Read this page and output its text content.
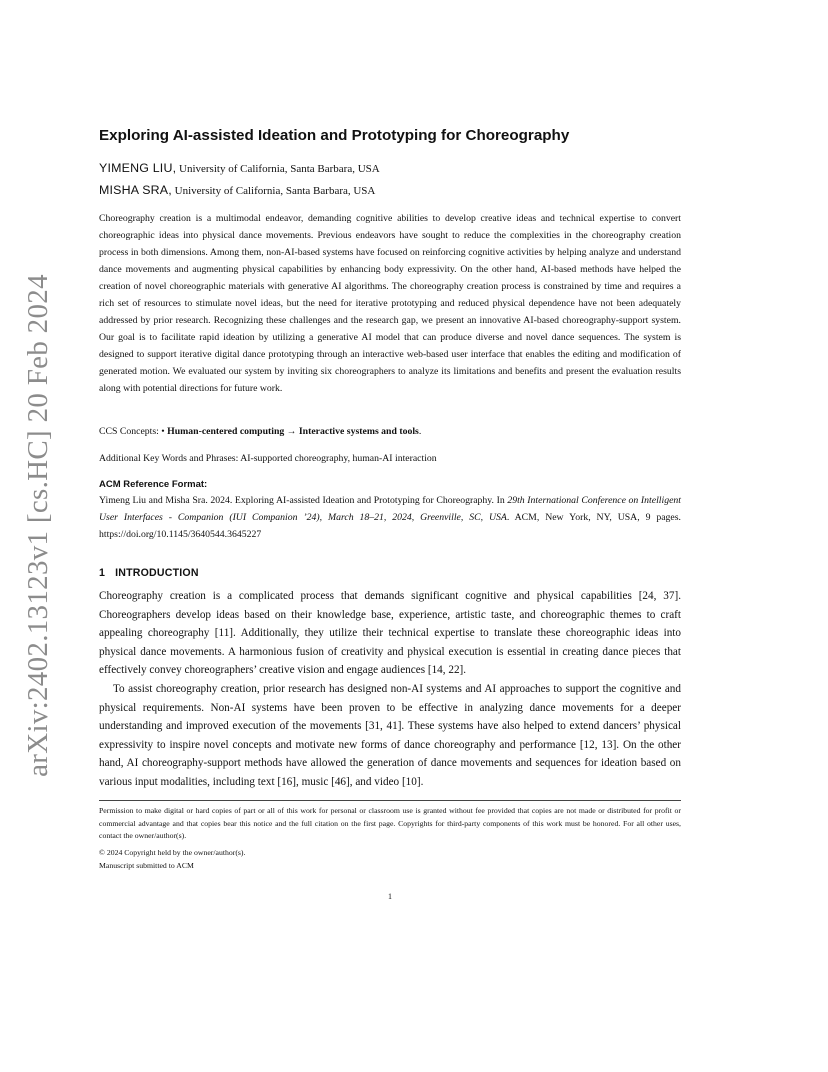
arXiv:2402.13123v1 [cs.HC] 20 Feb 2024
Exploring AI-assisted Ideation and Prototyping for Choreography
YIMENG LIU, University of California, Santa Barbara, USA
MISHA SRA, University of California, Santa Barbara, USA

Choreography creation is a multimodal endeavor, demanding cognitive abilities to develop creative ideas and technical expertise to convert choreographic ideas into physical dance movements. Previous endeavors have sought to reduce the complexities in the choreography creation process in both dimensions. Among them, non-AI-based systems have focused on reinforcing cognitive activities by helping analyze and understand dance movements and augmenting physical capabilities by enhancing body expressivity. On the other hand, AI-based methods have helped the creation of novel choreographic materials with generative AI algorithms. The choreography creation process is constrained by time and requires a rich set of resources to stimulate novel ideas, but the need for iterative prototyping and reduced physical dependence have not been adequately addressed by prior research. Recognizing these challenges and the research gap, we present an innovative AI-based choreography-support system. Our goal is to facilitate rapid ideation by utilizing a generative AI model that can produce diverse and novel dance sequences. The system is designed to support iterative digital dance prototyping through an interactive web-based user interface that enables the editing and modification of generated motion. We evaluated our system by inviting six choreographers to analyze its limitations and benefits and present the evaluation results along with potential directions for future work.

CCS Concepts: • Human-centered computing → Interactive systems and tools.
Additional Key Words and Phrases: AI-supported choreography, human-AI interaction
ACM Reference Format:

Yimeng Liu and Misha Sra. 2024. Exploring AI-assisted Ideation and Prototyping for Choreography. In 29th International Conference on Intelligent User Interfaces - Companion (IUI Companion ’24), March 18–21, 2024, Greenville, SC, USA. ACM, New York, NY, USA, 9 pages. https://doi.org/10.1145/3640544.3645227

1 INTRODUCTION

Choreography creation is a complicated process that demands significant cognitive and physical capabilities [24, 37]. Choreographers develop ideas based on their knowledge base, experience, artistic taste, and choreographic themes to craft appealing choreography [11]. Additionally, they utilize their technical expertise to translate these choreographic ideas into physical dance movements. A harmonious fusion of creativity and physical execution is essential in creating dance pieces that effectively convey choreographers’ creative vision and engage audiences [14, 22].

To assist choreography creation, prior research has designed non-AI systems and AI approaches to support the cognitive and physical requirements. Non-AI systems have been proven to be effective in analyzing dance movements for a deeper understanding and improved execution of the movements [31, 41]. These systems have also helped to extend dancers’ physical expressivity to inspire novel concepts and motivate new forms of dance choreography and performance [12, 13]. On the other hand, AI choreography-support methods have allowed the generation of dance movements and sequences for ideation based on various input modalities, including text [16], music [46], and video [10].

Permission to make digital or hard copies of part or all of this work for personal or classroom use is granted without fee provided that copies are not made or distributed for profit or commercial advantage and that copies bear this notice and the full citation on the first page. Copyrights for third-party components of this work must be honored. For all other uses, contact the owner/author(s).

© 2024 Copyright held by the owner/author(s).
Manuscript submitted to ACM
1
